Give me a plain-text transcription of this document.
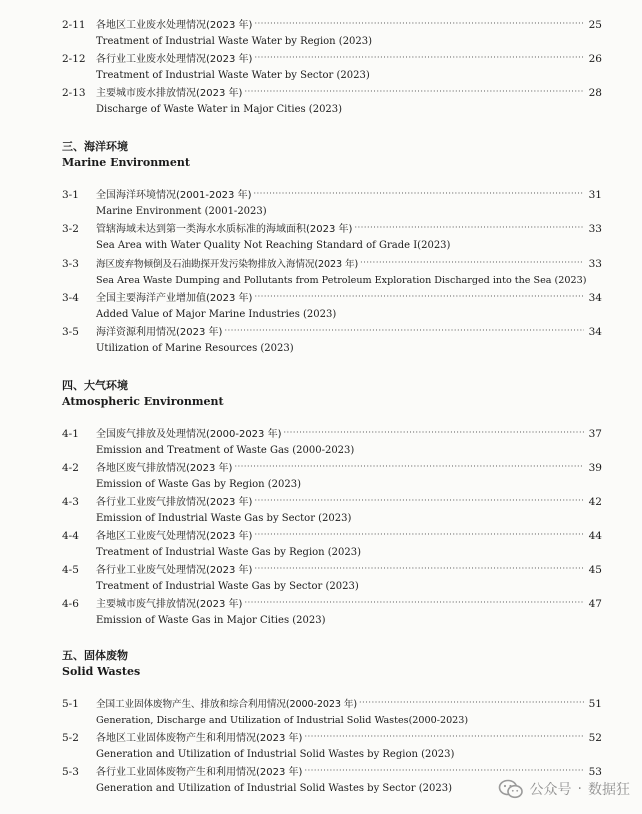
2-11	各地区工业废水处理情况(2023 年) ·····	25
Treatment of Industrial Waste Water by Region (2023)
2-12	各行业工业废水处理情况(2023 年) ·····	26
Treatment of Industrial Waste Water by Sector (2023)
2-13	主要城市废水排放情况(2023 年) ·····	28
Discharge of Waste Water in Major Cities (2023)
三、海洋环境
Marine Environment
3-1	全国海洋环境情况(2001-2023 年) ·····	31
Marine Environment (2001-2023)
3-2	管辖海域未达到第一类海水水质标准的海域面积(2023 年) ·····	33
Sea Area with Water Quality Not Reaching Standard of Grade Ⅰ(2023)
3-3	海区废弃物倾倒及石油勘探开发污染物排放入海情况(2023 年) ·····	33
Sea Area Waste Dumping and Pollutants from Petroleum Exploration Discharged into the Sea (2023)
3-4	全国主要海洋产业增加值(2023 年) ·····	34
Added Value of Major Marine Industries (2023)
3-5	海洋资源利用情况(2023 年) ·····	34
Utilization of Marine Resources (2023)
四、大气环境
Atmospheric Environment
4-1	全国废气排放及处理情况(2000-2023 年) ·····	37
Emission and Treatment of Waste Gas (2000-2023)
4-2	各地区废气排放情况(2023 年) ·····	39
Emission of Waste Gas by Region (2023)
4-3	各行业工业废气排放情况(2023 年) ·····	42
Emission of Industrial Waste Gas by Sector (2023)
4-4	各地区工业废气处理情况(2023 年) ·····	44
Treatment of Industrial Waste Gas by Region (2023)
4-5	各行业工业废气处理情况(2023 年) ·····	45
Treatment of Industrial Waste Gas by Sector (2023)
4-6	主要城市废气排放情况(2023 年) ·····	47
Emission of Waste Gas in Major Cities (2023)
五、固体废物
Solid Wastes
5-1	全国工业固体废物产生、排放和综合利用情况(2000-2023 年) ·····	51
Generation, Discharge and Utilization of Industrial Solid Wastes(2000-2023)
5-2	各地区工业固体废物产生和利用情况(2023 年) ·····	52
Generation and Utilization of Industrial Solid Wastes by Region (2023)
5-3	各行业工业固体废物产生和利用情况(2023 年) ·····	53
Generation and Utilization of Industrial Solid Wastes by Sector (2023)	公众号 · 数据狂
